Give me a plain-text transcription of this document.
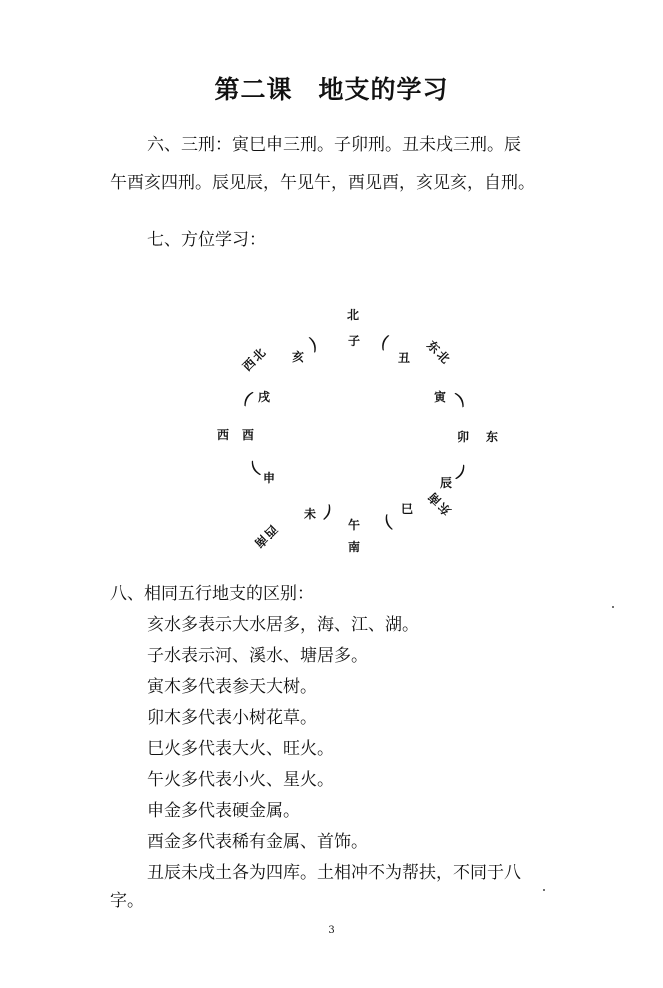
第二课　地支的学习

六、三刑：寅巳申三刑。子卯刑。丑未戌三刑。辰

午酉亥四刑。辰见辰，午见午，酉见酉，亥见亥，自刑。

七、方位学习：

北
子 (
丑 东北
寅 )
卯 东
辰 )
东南
(
巳
午
南
未 )
西南
( 申
西 酉
( 戌
西北 亥
)

八、相同五行地支的区别：

亥水多表示大水居多，海、江、湖。

子水表示河、溪水、塘居多。

寅木多代表参天大树。

卯木多代表小树花草。

巳火多代表大火、旺火。

午火多代表小火、星火。

申金多代表硬金属。

酉金多代表稀有金属、首饰。

丑辰未戌土各为四库。土相冲不为帮扶，不同于八

字。

3
